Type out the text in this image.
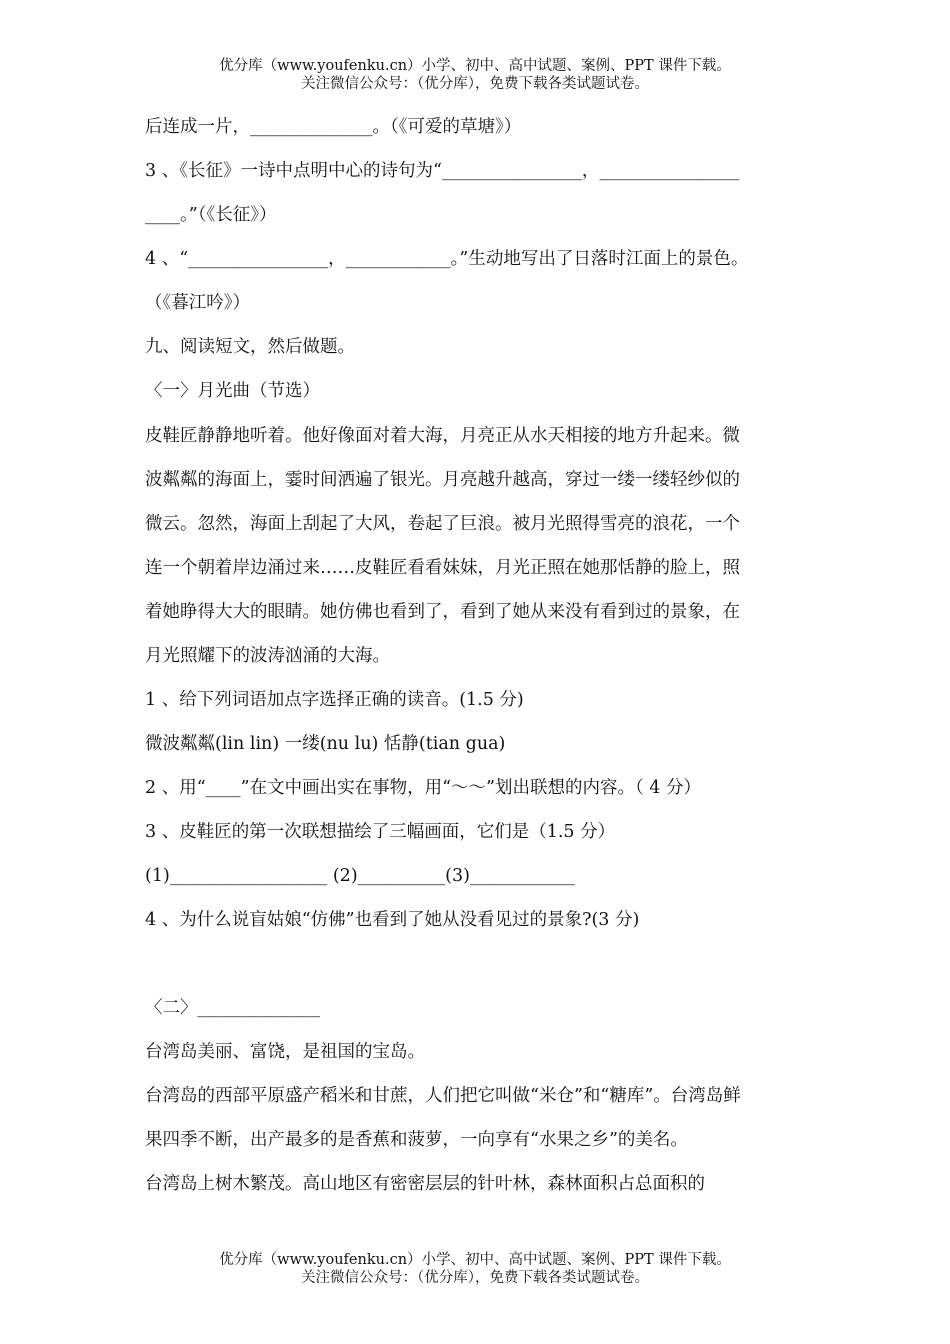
优分库（www.youfenku.cn）小学、初中、高中试题、案例、PPT 课件下载。
关注微信公众号：（优分库），免费下载各类试题试卷。
后连成一片，______________。（《可爱的草塘》）
3 、《长征》一诗中点明中心的诗句为“________________，________________
____。”（《长征》）
4 、“________________，____________。”生动地写出了日落时江面上的景色。
（《暮江吟》）
九、阅读短文，然后做题。
〈一〉月光曲（节选）
皮鞋匠静静地听着。他好像面对着大海，月亮正从水天相接的地方升起来。微
波粼粼的海面上，霎时间洒遍了银光。月亮越升越高，穿过一缕一缕轻纱似的
微云。忽然，海面上刮起了大风，卷起了巨浪。被月光照得雪亮的浪花，一个
连一个朝着岸边涌过来……皮鞋匠看看妹妹，月光正照在她那恬静的脸上，照
着她睁得大大的眼睛。她仿佛也看到了，看到了她从来没有看到过的景象，在
月光照耀下的波涛汹涌的大海。
1 、给下列词语加点字选择正确的读音。(1.5 分)
微波粼粼(lin lin) 一缕(nu lu) 恬静(tian gua)
2 、用“____”在文中画出实在事物，用“～～”划出联想的内容。（ 4 分）
3 、皮鞋匠的第一次联想描绘了三幅画面，它们是（1.5 分）
(1)__________________ (2)__________(3)____________
4 、为什么说盲姑娘“仿佛”也看到了她从没看见过的景象?(3 分)
〈二〉______________
台湾岛美丽、富饶，是祖国的宝岛。
台湾岛的西部平原盛产稻米和甘蔗，人们把它叫做“米仓”和“糖库”。台湾岛鲜
果四季不断，出产最多的是香蕉和菠萝，一向享有“水果之乡”的美名。
台湾岛上树木繁茂。高山地区有密密层层的针叶林，森林面积占总面积的
优分库（www.youfenku.cn）小学、初中、高中试题、案例、PPT 课件下载。
关注微信公众号：（优分库），免费下载各类试题试卷。
